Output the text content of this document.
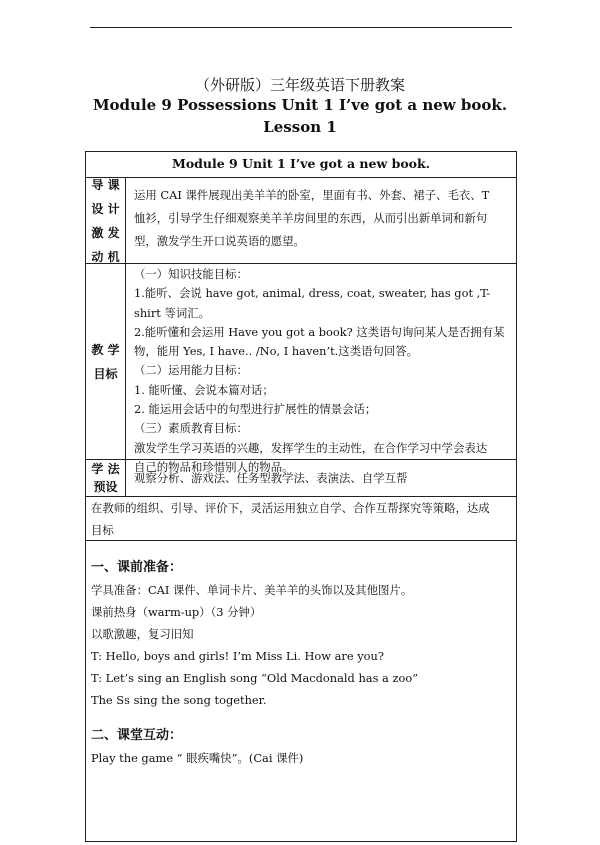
（外研版）三年级英语下册教案
Module 9 Possessions Unit 1 I’ve got a new book.
Lesson 1
Module 9 Unit 1 I’ve got a new book.
导 课
设 计
激 发
动 机

运用 CAI 课件展现出美羊羊的卧室，里面有书、外套、裙子、毛衣、T

恤衫，引导学生仔细观察美羊羊房间里的东西，从而引出新单词和新句

型，激发学生开口说英语的愿望。

教 学
目标

（一）知识技能目标：

1.能听、会说 have got, animal, dress, coat, sweater, has got ,T-shirt 等词汇。

2.能听懂和会运用 Have you got a book? 这类语句询问某人是否拥有某

物，能用 Yes, I have.. /No, I haven’t.这类语句回答。

（二）运用能力目标：

1. 能听懂、会说本篇对话；

2. 能运用会话中的句型进行扩展性的情景会话；

（三）素质教育目标：

激发学生学习英语的兴趣，发挥学生的主动性，在合作学习中学会表达

自己的物品和珍惜别人的物品。

学 法
预设

观察分析、游戏法、任务型教学法、表演法、自学互帮

在教师的组织、引导、评价下，灵活运用独立自学、合作互帮探究等策略，达成

目标

一、课前准备：

学具准备：CAI 课件、单词卡片、美羊羊的头饰以及其他图片。

课前热身（warm-up）（3 分钟）

以歌激趣，复习旧知

T: Hello, boys and girls! I’m Miss Li. How are you?

T: Let’s sing an English song “Old Macdonald has a zoo”

The Ss sing the song together.

二、课堂互动：

Play the game “ 眼疾嘴快”。(Cai 课件)
